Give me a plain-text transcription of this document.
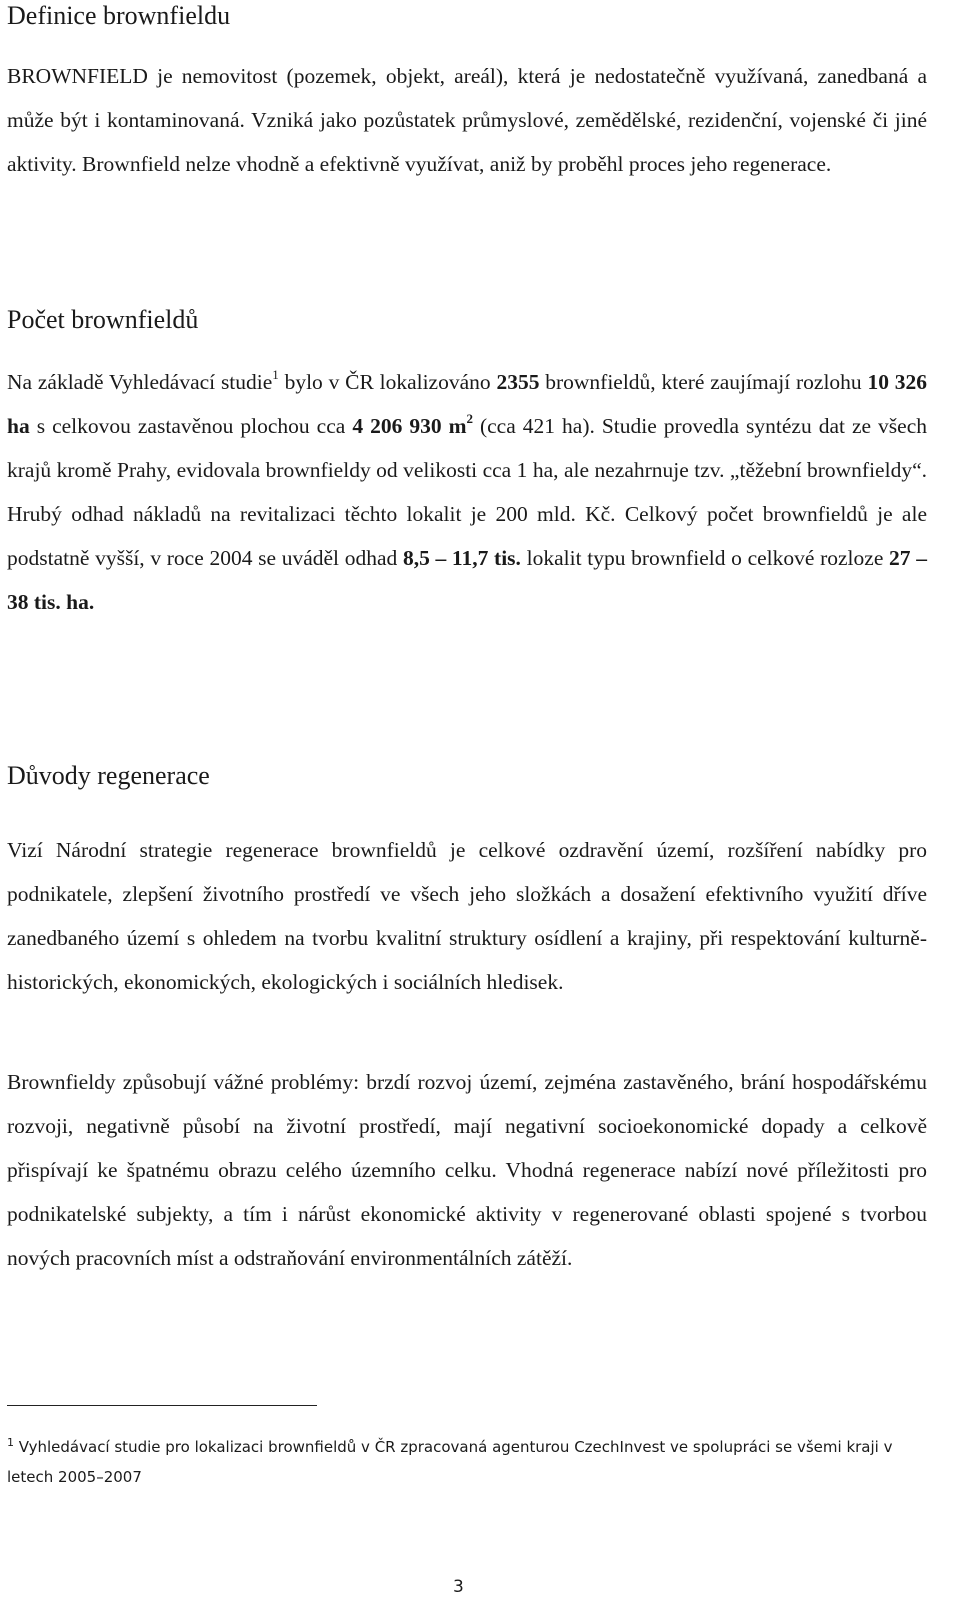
Definice brownfieldu

BROWNFIELD je nemovitost (pozemek, objekt, areál), která je nedostatečně využívaná, zanedbaná a může být i kontaminovaná. Vzniká jako pozůstatek průmyslové, zemědělské, rezidenční, vojenské či jiné aktivity. Brownfield nelze vhodně a efektivně využívat, aniž by proběhl proces jeho regenerace.

Počet brownfieldů

Na základě Vyhledávací studie$^1$ bylo v ČR lokalizováno 2355 brownfieldů, které zaujímají rozlohu 10 326 ha s celkovou zastavěnou plochou cca 4 206 930 $m^2$ (cca 421 ha). Studie provedla syntézu dat ze všech krajů kromě Prahy, evidovala brownfieldy od velikosti cca 1 ha, ale nezahrnuje tzv. „těžební brownfieldy“. Hrubý odhad nákladů na revitalizaci těchto lokalit je 200 mld. Kč. Celkový počet brownfieldů je ale podstatně vyšší, v roce 2004 se uváděl odhad 8,5 – 11,7 tis. lokalit typu brownfield o celkové rozloze 27 – 38 tis. ha.

Důvody regenerace

Vizí Národní strategie regenerace brownfieldů je celkové ozdravění území, rozšíření nabídky pro podnikatele, zlepšení životního prostředí ve všech jeho složkách a dosažení efektivního využití dříve zanedbaného území s ohledem na tvorbu kvalitní struktury osídlení a krajiny, při respektování kulturně-historických, ekonomických, ekologických i sociálních hledisek.

Brownfieldy způsobují vážné problémy: brzdí rozvoj území, zejména zastavěného, brání hospodářskému rozvoji, negativně působí na životní prostředí, mají negativní socioekonomické dopady a celkově přispívají ke špatnému obrazu celého územního celku. Vhodná regenerace nabízí nové příležitosti pro podnikatelské subjekty, a tím i nárůst ekonomické aktivity v regenerované oblasti spojené s tvorbou nových pracovních míst a odstraňování environmentálních zátěží.

$^1$ Vyhledávací studie pro lokalizaci brownfieldů v ČR zpracovaná agenturou CzechInvest ve spolupráci se všemi kraji v letech 2005–2007
3
